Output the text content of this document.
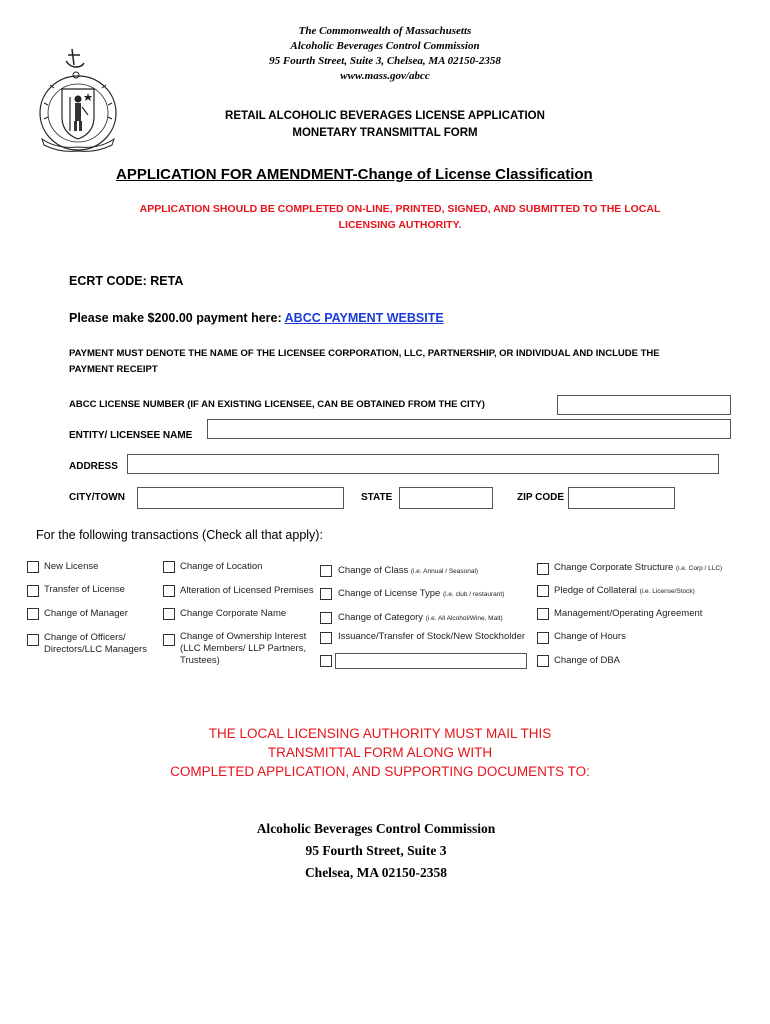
The Commonwealth of Massachusetts
Alcoholic Beverages Control Commission
95 Fourth Street, Suite 3, Chelsea, MA 02150-2358
www.mass.gov/abcc
RETAIL ALCOHOLIC BEVERAGES LICENSE APPLICATION
MONETARY TRANSMITTAL FORM
APPLICATION FOR AMENDMENT-Change of License Classification
APPLICATION SHOULD BE COMPLETED ON-LINE, PRINTED, SIGNED, AND SUBMITTED TO THE LOCAL
LICENSING AUTHORITY.
ECRT CODE: RETA
Please make $200.00 payment here: ABCC PAYMENT WEBSITE
PAYMENT MUST DENOTE THE NAME OF THE LICENSEE CORPORATION, LLC, PARTNERSHIP, OR INDIVIDUAL AND INCLUDE THE
PAYMENT RECEIPT
ABCC LICENSE NUMBER (IF AN EXISTING LICENSEE, CAN BE OBTAINED FROM THE CITY)
ENTITY/ LICENSEE NAME
ADDRESS
CITY/TOWN	STATE	ZIP CODE
For the following transactions (Check all that apply):
New License
Transfer of License
Change of Manager
Change of Officers/
Directors/LLC Managers
Change of Location
Alteration of Licensed Premises
Change Corporate Name
Change of Ownership Interest
(LLC Members/ LLP Partners,
Trustees)
Change of Class (i.e. Annual / Seasonal)
Change of License Type (i.e. club / restaurant)
Change of Category (i.e. All Alcohol/Wine, Malt)
Issuance/Transfer of Stock/New Stockholder
Change Corporate Structure (i.e. Corp / LLC)
Pledge of Collateral (i.e. License/Stock)
Management/Operating Agreement
Change of Hours
Change of DBA
THE LOCAL LICENSING AUTHORITY MUST MAIL THIS
TRANSMITTAL FORM ALONG WITH
COMPLETED APPLICATION, AND SUPPORTING DOCUMENTS TO:
Alcoholic Beverages Control Commission
95 Fourth Street, Suite 3
Chelsea, MA 02150-2358
